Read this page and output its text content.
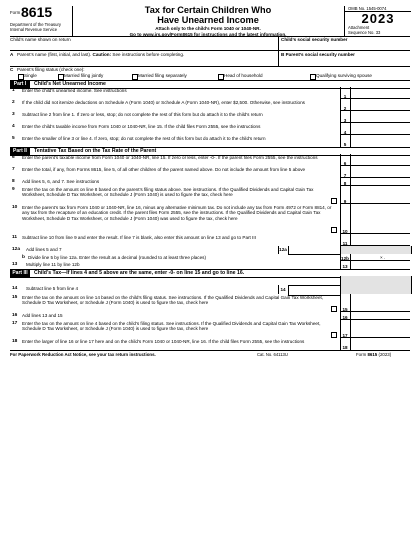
Form 8615
Department of the Treasury
Internal Revenue Service
Tax for Certain Children Who
Have Unearned Income
Attach only to the child’s Form 1040 or 1040-NR.
Go to www.irs.gov/Form8615 for instructions and the latest information.
OMB No. 1545-0074
2023
Attachment
Sequence No. 33
Child’s name shown on return	Child’s social security number
A Parent’s name (first, initial, and last). Caution: See instructions before completing.	B Parent’s social security number
C Parent’s filing status (check one):
Single	Married filing jointly	Married filing separately	Head of household	Qualifying surviving spouse
Part I	Child’s Net Unearned Income
1 Enter the child’s unearned income. See instructions
1
2 If the child did not itemize deductions on Schedule A (Form 1040) or Schedule A (Form 1040-NR), enter $2,500. Otherwise, see instructions
2
3 Subtract line 2 from line 1. If zero or less, stop; do not complete the rest of this form but do attach it to the child’s return
3
4 Enter the child’s taxable income from Form 1040 or 1040-NR, line 15. If the child files Form 2555, see the instructions
4
5 Enter the smaller of line 3 or line 4. If zero, stop; do not complete the rest of this form but do attach it to the child’s return
5
Part II	Tentative Tax Based on the Tax Rate of the Parent
6 Enter the parent’s taxable income from Form 1040 or 1040-NR, line 15. If zero or less, enter -0-. If the parent files Form 2555, see the instructions
6
7 Enter the total, if any, from Forms 8615, line 5, of all other children of the parent named above. Do not include the amount from line 5 above
7
8 Add lines 5, 6, and 7. See instructions	8
9 Enter the tax on the amount on line 8 based on the parent’s filing status above. See instructions. If the Qualified Dividends and Capital Gain Tax Worksheet, Schedule D Tax Worksheet, or Schedule J (Form 1040) is used to figure the tax, check here
9
10 Enter the parent’s tax from Form 1040 or 1040-NR, line 16, minus any alternative minimum tax. Do not include any tax from Form 4972 or Form 8814, or any tax from the recapture of an education credit. If the parent files Form 2555, see the instructions. If the Qualified Dividends and Capital Gain Tax Worksheet, Schedule D Tax Worksheet, or Schedule J (Form 1040) was used to figure the tax, check here
10
11 Subtract line 10 from line 9 and enter the result. If line 7 is blank, also enter this amount on line 13 and go to Part III
11
12a Add lines 5 and 7	12a
b Divide line 5 by line 12a. Enter the result as a decimal (rounded to at least three places)	12b	× .
13 Multiply line 11 by line 12b	13
Part III	Child’s Tax—If lines 4 and 5 above are the same, enter -0- on line 15 and go to line 16.
14 Subtract line 5 from line 4	14
15 Enter the tax on the amount on line 14 based on the child’s filing status. See instructions. If the Qualified Dividends and Capital Gain Tax Worksheet, Schedule D Tax Worksheet, or Schedule J (Form 1040) is used to figure the tax, check here
15
16 Add lines 13 and 15	16
17 Enter the tax on the amount on line 4 based on the child’s filing status. See instructions. If the Qualified Dividends and Capital Gain Tax Worksheet, Schedule D Tax Worksheet, or Schedule J (Form 1040) is used to figure the tax, check here
17
18 Enter the larger of line 16 or line 17 here and on the child’s Form 1040 or 1040-NR, line 16. If the child files Form 2555, see the instructions
18
For Paperwork Reduction Act Notice, see your tax return instructions.	Cat. No. 64113U	Form 8615 (2023)
